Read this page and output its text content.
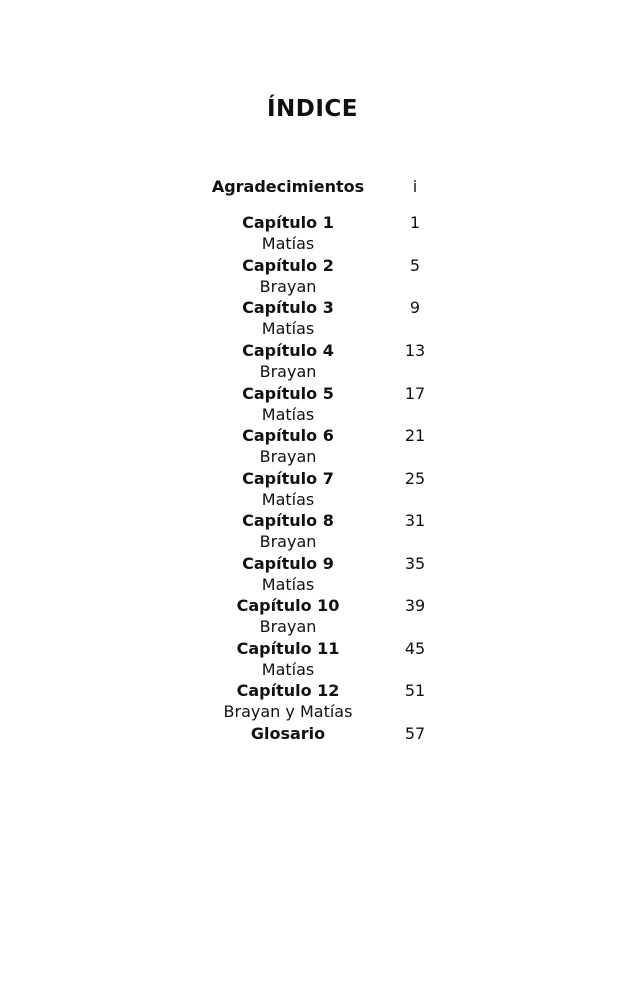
ÍNDICE
Agradecimientos	i
Capítulo 1	1
Matías
Capítulo 2	5
Brayan
Capítulo 3	9
Matías
Capítulo 4	13
Brayan
Capítulo 5	17
Matías
Capítulo 6	21
Brayan
Capítulo 7	25
Matías
Capítulo 8	31
Brayan
Capítulo 9	35
Matías
Capítulo 10	39
Brayan
Capítulo 11	45
Matías
Capítulo 12	51
Brayan y Matías
Glosario	57
